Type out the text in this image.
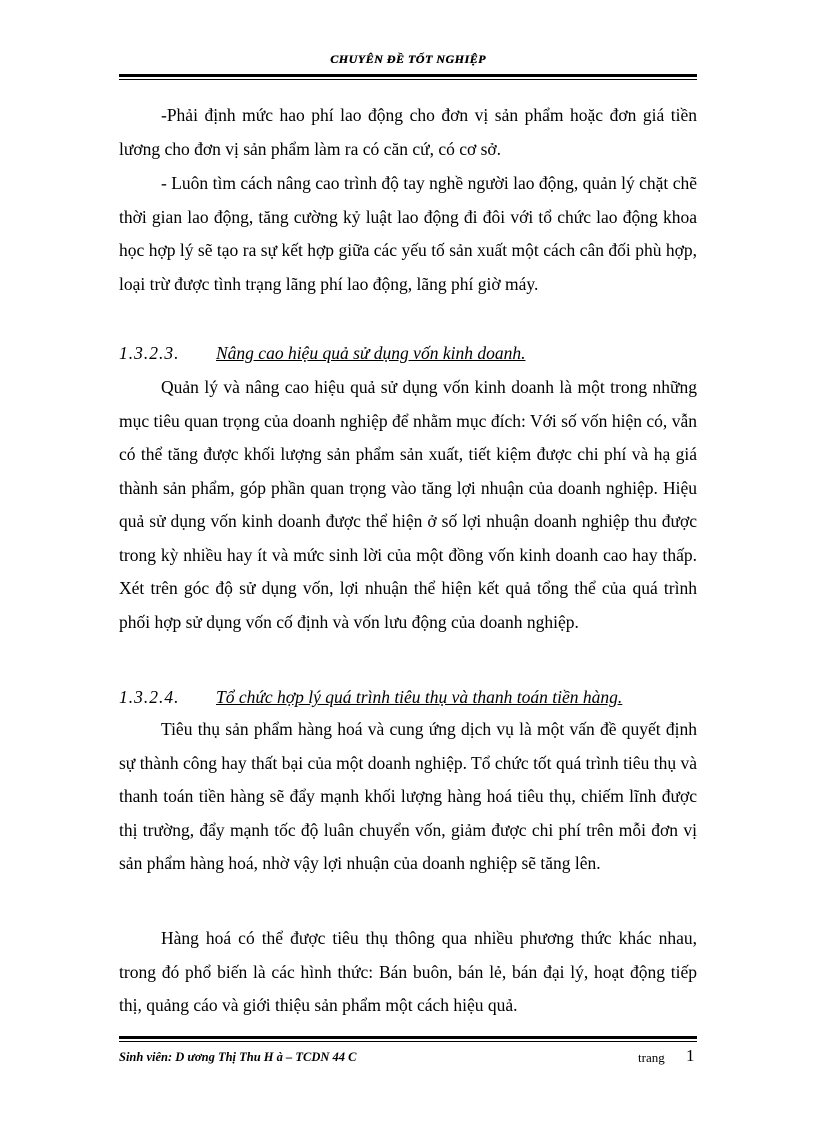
CHUYÊN ĐỀ TỐT NGHIỆP

-Phải định mức hao phí lao động cho đơn vị sản phẩm hoặc đơn giá tiền lương cho đơn vị sản phẩm làm ra có căn cứ, có cơ sở.

- Luôn tìm cách nâng cao trình độ tay nghề người lao động, quản lý chặt chẽ thời gian lao động, tăng cường kỷ luật lao động đi đôi với tổ chức lao động khoa học hợp lý sẽ tạo ra sự kết hợp giữa các yếu tố sản xuất một cách cân đối phù hợp, loại trừ được tình trạng lãng phí lao động, lãng phí giờ máy.

1.3.2.3. Nâng cao hiệu quả sử dụng vốn kinh doanh.

Quản lý và nâng cao hiệu quả sử dụng vốn kinh doanh là một trong những mục tiêu quan trọng của doanh nghiệp để nhằm mục đích: Với số vốn hiện có, vẫn có thể tăng được khối lượng sản phẩm sản xuất, tiết kiệm được chi phí và hạ giá thành sản phẩm, góp phần quan trọng vào tăng lợi nhuận của doanh nghiệp. Hiệu quả sử dụng vốn kinh doanh được thể hiện ở số lợi nhuận doanh nghiệp thu được trong kỳ nhiều hay ít và mức sinh lời của một đồng vốn kinh doanh cao hay thấp. Xét trên góc độ sử dụng vốn, lợi nhuận thể hiện kết quả tổng thể của quá trình phối hợp sử dụng vốn cố định và vốn lưu động của doanh nghiệp.

1.3.2.4. Tổ chức hợp lý quá trình tiêu thụ và thanh toán tiền hàng.

Tiêu thụ sản phẩm hàng hoá và cung ứng dịch vụ là một vấn đề quyết định sự thành công hay thất bại của một doanh nghiệp. Tổ chức tốt quá trình tiêu thụ và thanh toán tiền hàng sẽ đẩy mạnh khối lượng hàng hoá tiêu thụ, chiếm lĩnh được thị trường, đẩy mạnh tốc độ luân chuyển vốn, giảm được chi phí trên mỗi đơn vị sản phẩm hàng hoá, nhờ vậy lợi nhuận của doanh nghiệp sẽ tăng lên.

Hàng hoá có thể được tiêu thụ thông qua nhiều phương thức khác nhau, trong đó phổ biến là các hình thức: Bán buôn, bán lẻ, bán đại lý, hoạt động tiếp thị, quảng cáo và giới thiệu sản phẩm một cách hiệu quả.

Sinh viên: D ương Thị Thu H à – TCDN 44 C	trang 1
